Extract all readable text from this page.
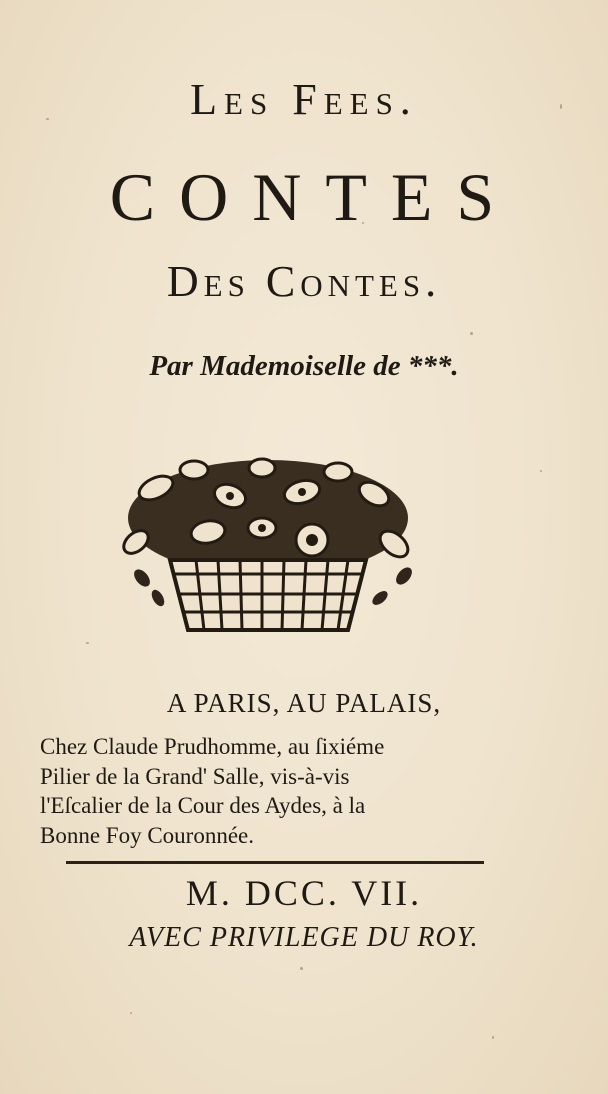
Les Fees.
CONTES
Des Contes.
Par Mademoiselle de ***.
A PARIS, AU PALAIS,
Chez Claude Prudhomme, au ſixiéme
Pilier de la Grand' Salle, vis-à-vis
l'Eſcalier de la Cour des Aydes, à la
Bonne Foy Couronnée.
M. DCC. VII.
AVEC PRIVILEGE DU ROY.
